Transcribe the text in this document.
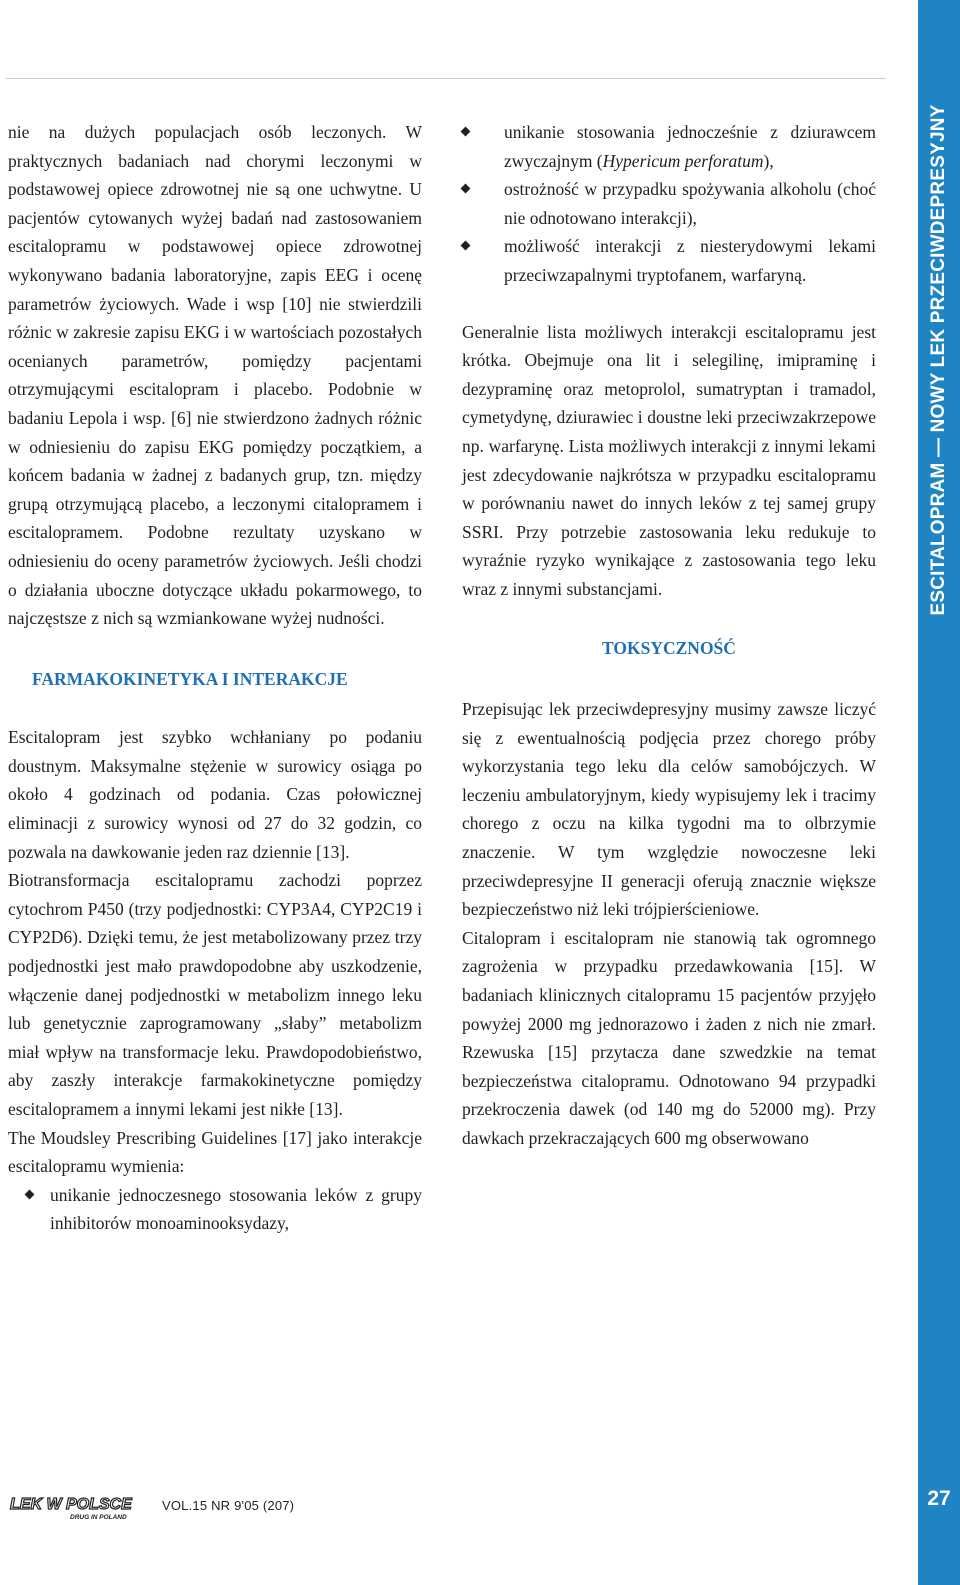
nie na dużych populacjach osób leczonych. W praktycznych badaniach nad chorymi leczonymi w podstawowej opiece zdrowotnej nie są one uchwytne. U pacjentów cytowanych wyżej badań nad zastosowaniem escitalopramu w podstawowej opiece zdrowotnej wykonywano badania laboratoryjne, zapis EEG i ocenę parametrów życiowych. Wade i wsp [10] nie stwierdzili różnic w zakresie zapisu EKG i w wartościach pozostałych ocenianych parametrów, pomiędzy pacjentami otrzymującymi escitalopram i placebo. Podobnie w badaniu Lepola i wsp. [6] nie stwierdzono żadnych różnic w odniesieniu do zapisu EKG pomiędzy początkiem, a końcem badania w żadnej z badanych grup, tzn. między grupą otrzymującą placebo, a leczonymi citalopramem i escitalopramem. Podobne rezultaty uzyskano w odniesieniu do oceny parametrów życiowych. Jeśli chodzi o działania uboczne dotyczące układu pokarmowego, to najczęstsze z nich są wzmiankowane wyżej nudności.

FARMAKOKINETYKA I INTERAKCJE

Escitalopram jest szybko wchłaniany po podaniu doustnym. Maksymalne stężenie w surowicy osiąga po około 4 godzinach od podania. Czas połowicznej eliminacji z surowicy wynosi od 27 do 32 godzin, co pozwala na dawkowanie jeden raz dziennie [13].

Biotransformacja escitalopramu zachodzi poprzez cytochrom P450 (trzy podjednostki: CYP3A4, CYP2C19 i CYP2D6). Dzięki temu, że jest metabolizowany przez trzy podjednostki jest mało prawdopodobne aby uszkodzenie, włączenie danej podjednostki w metabolizm innego leku lub genetycznie zaprogramowany „słaby” metabolizm miał wpływ na transformacje leku. Prawdopodobieństwo, aby zaszły interakcje farmakokinetyczne pomiędzy escitalopramem a innymi lekami jest nikłe [13].

The Moudsley Prescribing Guidelines [17] jako interakcje escitalopramu wymienia:

unikanie jednoczesnego stosowania leków z grupy inhibitorów monoaminooksydazy,
unikanie stosowania jednocześnie z dziurawcem zwyczajnym (Hypericum perforatum),
ostrożność w przypadku spożywania alkoholu (choć nie odnotowano interakcji),
możliwość interakcji z niesterydowymi lekami przeciwzapalnymi tryptofanem, warfaryną.

Generalnie lista możliwych interakcji escitalopramu jest krótka. Obejmuje ona lit i selegilinę, imipraminę i dezypraminę oraz metoprolol, sumatryptan i tramadol, cymetydynę, dziurawiec i doustne leki przeciwzakrzepowe np. warfarynę. Lista możliwych interakcji z innymi lekami jest zdecydowanie najkrótsza w przypadku escitalopramu w porównaniu nawet do innych leków z tej samej grupy SSRI. Przy potrzebie zastosowania leku redukuje to wyraźnie ryzyko wynikające z zastosowania tego leku wraz z innymi substancjami.

TOKSYCZNOŚĆ

Przepisując lek przeciwdepresyjny musimy zawsze liczyć się z ewentualnością podjęcia przez chorego próby wykorzystania tego leku dla celów samobójczych. W leczeniu ambulatoryjnym, kiedy wypisujemy lek i tracimy chorego z oczu na kilka tygodni ma to olbrzymie znaczenie. W tym względzie nowoczesne leki przeciwdepresyjne II generacji oferują znacznie większe bezpieczeństwo niż leki trójpierścieniowe.

Citalopram i escitalopram nie stanowią tak ogromnego zagrożenia w przypadku przedawkowania [15]. W badaniach klinicznych citalopramu 15 pacjentów przyjęło powyżej 2000 mg jednorazowo i żaden z nich nie zmarł. Rzewuska [15] przytacza dane szwedzkie na temat bezpieczeństwa citalopramu. Odnotowano 94 przypadki przekroczenia dawek (od 140 mg do 52000 mg). Przy dawkach przekraczających 600 mg obserwowano

ESCITALOPRAM — NOWY LEK PRZECIWDEPRESYJNY
27
LEK W POLSCE
DRUG IN POLAND
VOL.15 NR 9'05 (207)
